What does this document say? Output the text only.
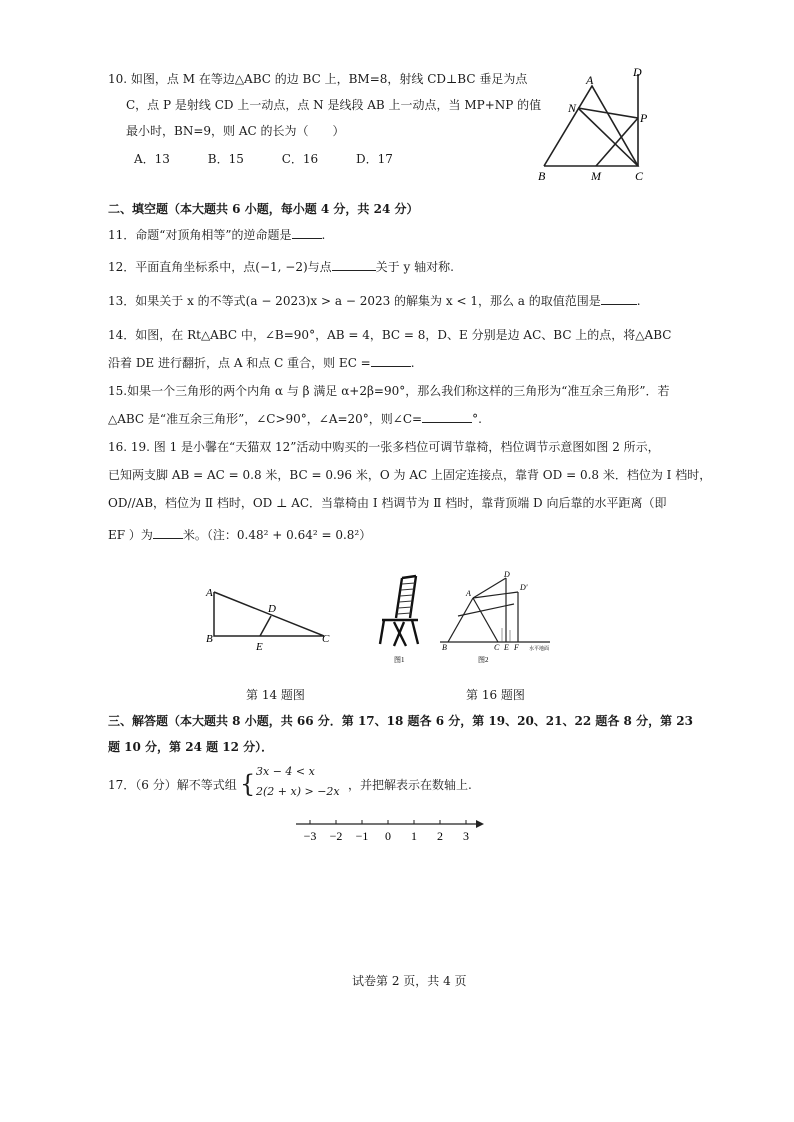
10. 如图，点 M 在等边△ABC 的边 BC 上，BM=8，射线 CD⊥BC 垂足为点
C，点 P 是射线 CD 上一动点，点 N 是线段 AB 上一动点，当 MP+NP 的值
最小时，BN=9，则 AC 的长为（　　）
A．13	B．15	C．16	D．17
A
D
N
P
B	M	C
二、填空题（本大题共 6 小题，每小题 4 分，共 24 分）
11．命题“对顶角相等”的逆命题是	.
12．平面直角坐标系中，点(−1, −2)与点	关于 y 轴对称.
13．如果关于 x 的不等式(a − 2023)x > a − 2023 的解集为 x < 1，那么 a 的取值范围是	.
14．如图，在 Rt△ABC 中，∠B=90°，AB = 4，BC = 8，D、E 分别是边 AC、BC 上的点，将△ABC
沿着 DE 进行翻折，点 A 和点 C 重合，则 EC =	.
15.如果一个三角形的两个内角 α 与 β 满足 α+2β=90°，那么我们称这样的三角形为“准互余三角形”．若
△ABC 是“准互余三角形”，∠C>90°，∠A=20°，则∠C=	°.
16. 19. 图 1 是小馨在“天猫双 12”活动中购买的一张多档位可调节靠椅，档位调节示意图如图 2 所示，
已知两支脚 AB = AC = 0.8 米，BC = 0.96 米，O 为 AC 上固定连接点，靠背 OD = 0.8 米．档位为 Ⅰ 档时，
OD//AB，档位为 Ⅱ 档时，OD ⊥ AC．当靠椅由 Ⅰ 档调节为 Ⅱ 档时，靠背顶端 D 向后靠的水平距离（即
EF ）为	米。（注：0.48² + 0.64² = 0.8²）
A
B
D
E
C
第 14 题图
图1
A
D
D'
B	C E F 水平地面
图2
第 16 题图
三、解答题（本大题共 8 小题，共 66 分．第 17、18 题各 6 分，第 19、20、21、22 题各 8 分，第 23
题 10 分，第 24 题 12 分）．
17．（6 分）解不等式组 { 3x − 4 < x
2(2 + x) > −2x ，并把解表示在数轴上.
−3 −2 −1 0 1 2 3
试卷第 2 页，共 4 页
